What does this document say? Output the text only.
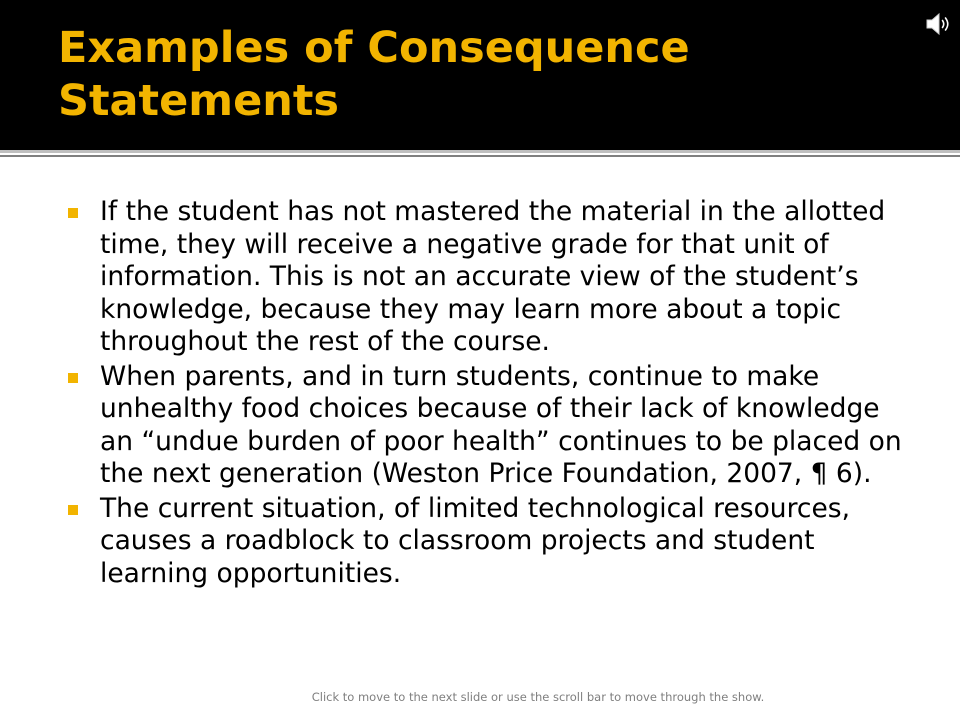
Examples of Consequence Statements
If the student has not mastered the material in the allotted time, they will receive a negative grade for that unit of information. This is not an accurate view of the student’s knowledge, because they may learn more about a topic throughout the rest of the course.
When parents, and in turn students, continue to make unhealthy food choices because of their lack of knowledge an “undue burden of poor health” continues to be placed on the next generation (Weston Price Foundation, 2007, ¶ 6).
The current situation, of limited technological resources, causes a roadblock to classroom projects and student learning opportunities.
Click to move to the next slide or use the scroll bar to move through the show.
